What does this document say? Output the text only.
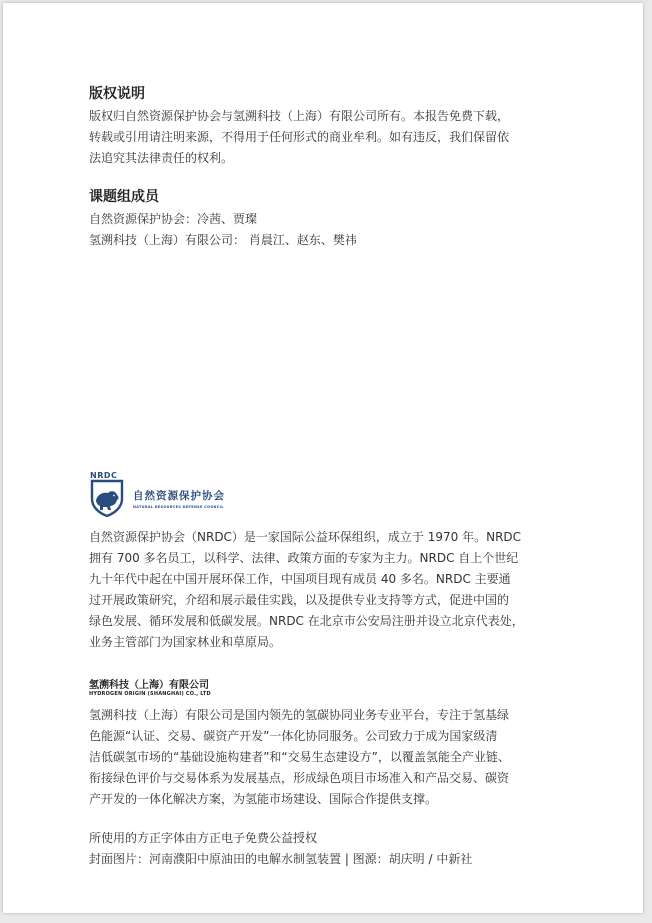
版权说明

版权归自然资源保护协会与氢溯科技（上海）有限公司所有。本报告免费下载，
转载或引用请注明来源，不得用于任何形式的商业牟利。如有违反，我们保留依
法追究其法律责任的权利。

课题组成员

自然资源保护协会：冷茜、贾璨
氢溯科技（上海）有限公司： 肖晨江、赵东、樊祎

NRDC
自然资源保护协会
NATURAL RESOURCES DEFENSE COUNCIL

自然资源保护协会（NRDC）是一家国际公益环保组织，成立于 1970 年。NRDC
拥有 700 多名员工，以科学、法律、政策方面的专家为主力。NRDC 自上个世纪
九十年代中起在中国开展环保工作，中国项目现有成员 40 多名。NRDC 主要通
过开展政策研究，介绍和展示最佳实践，以及提供专业支持等方式，促进中国的
绿色发展、循环发展和低碳发展。NRDC 在北京市公安局注册并设立北京代表处，
业务主管部门为国家林业和草原局。

氢溯科技（上海）有限公司
HYDROGEN ORIGIN (SHANGHAI) CO., LTD

氢溯科技（上海）有限公司是国内领先的氢碳协同业务专业平台，专注于氢基绿
色能源“认证、交易、碳资产开发”一体化协同服务。公司致力于成为国家级清
洁低碳氢市场的“基础设施构建者”和“交易生态建设方”，以覆盖氢能全产业链、
衔接绿色评价与交易体系为发展基点，形成绿色项目市场准入和产品交易、碳资
产开发的一体化解决方案，为氢能市场建设、国际合作提供支撑。

所使用的方正字体由方正电子免费公益授权
封面图片：河南濮阳中原油田的电解水制氢装置 | 图源：胡庆明 / 中新社
